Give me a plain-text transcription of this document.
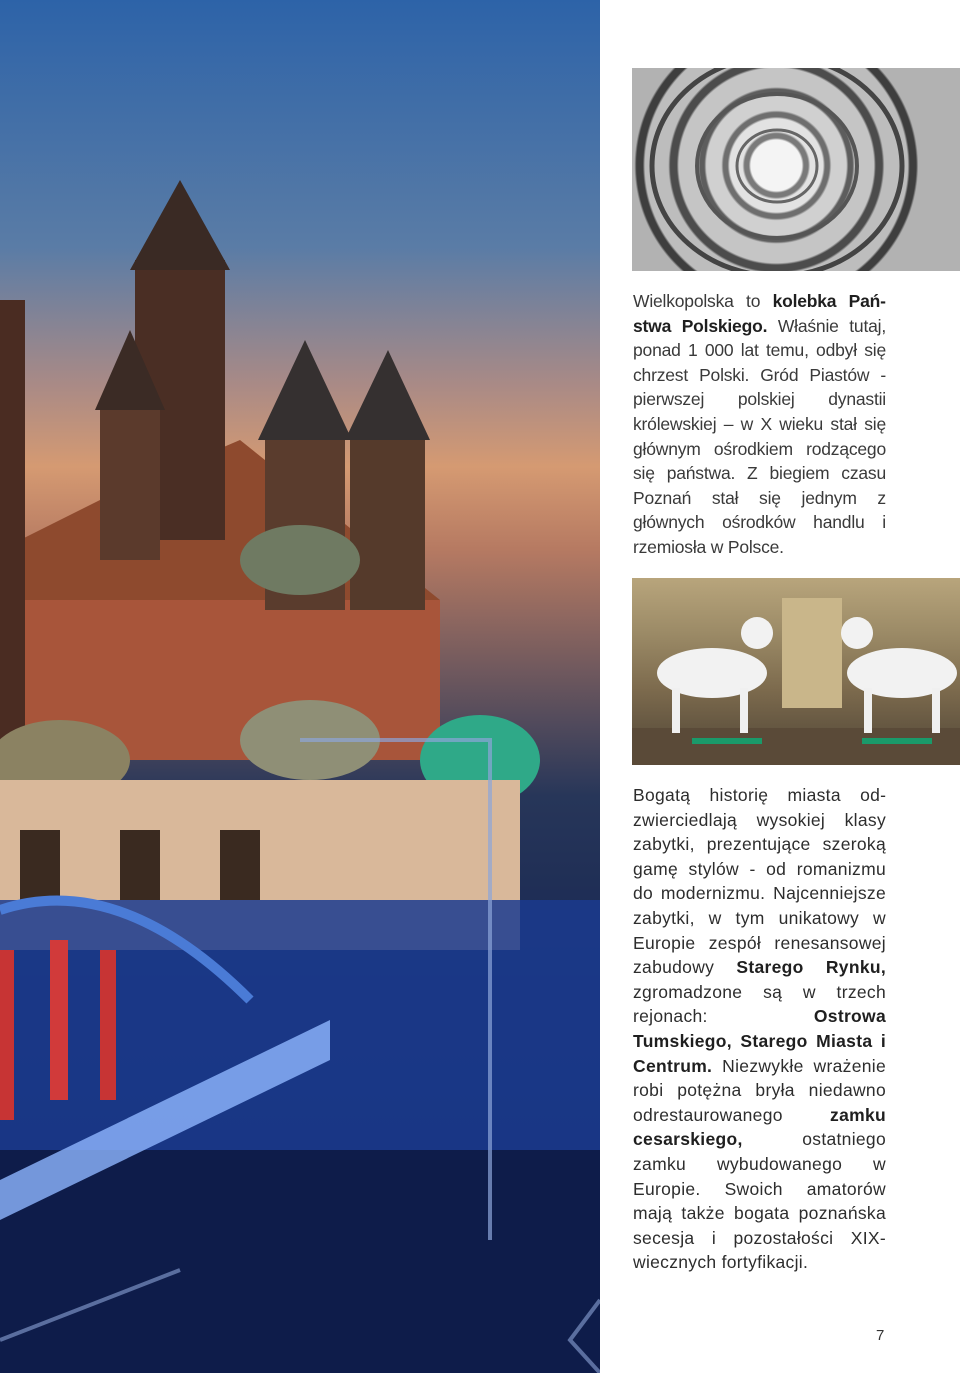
Wielkopolska to kolebka Państwa Polskiego. Właśnie tutaj, ponad 1 000 lat temu, odbył się chrzest Polski. Gród Piastów - pierwszej polskiej dynastii królewskiej – w X wieku stał się głównym ośrodkiem rodzącego się państwa. Z biegiem czasu Poznań stał się jednym z głównych ośrodków handlu i rzemiosła w Polsce.
Bogatą historię miasta odzwierciedlają wysokiej klasy zabytki, prezentujące szeroką gamę stylów - od romanizmu do modernizmu. Najcenniejsze zabytki, w tym unikatowy w Europie zespół renesansowej zabudowy Starego Rynku, zgromadzone są w trzech rejonach: Ostrowa Tumskiego, Starego Miasta i Centrum. Niezwykłe wrażenie robi potężna bryła niedawno odrestaurowanego zamku cesarskiego, ostatniego zamku wybudowanego w Europie. Swoich amatorów mają także bogata poznańska secesja i pozostałości XIX-wiecznych fortyfikacji.
7
